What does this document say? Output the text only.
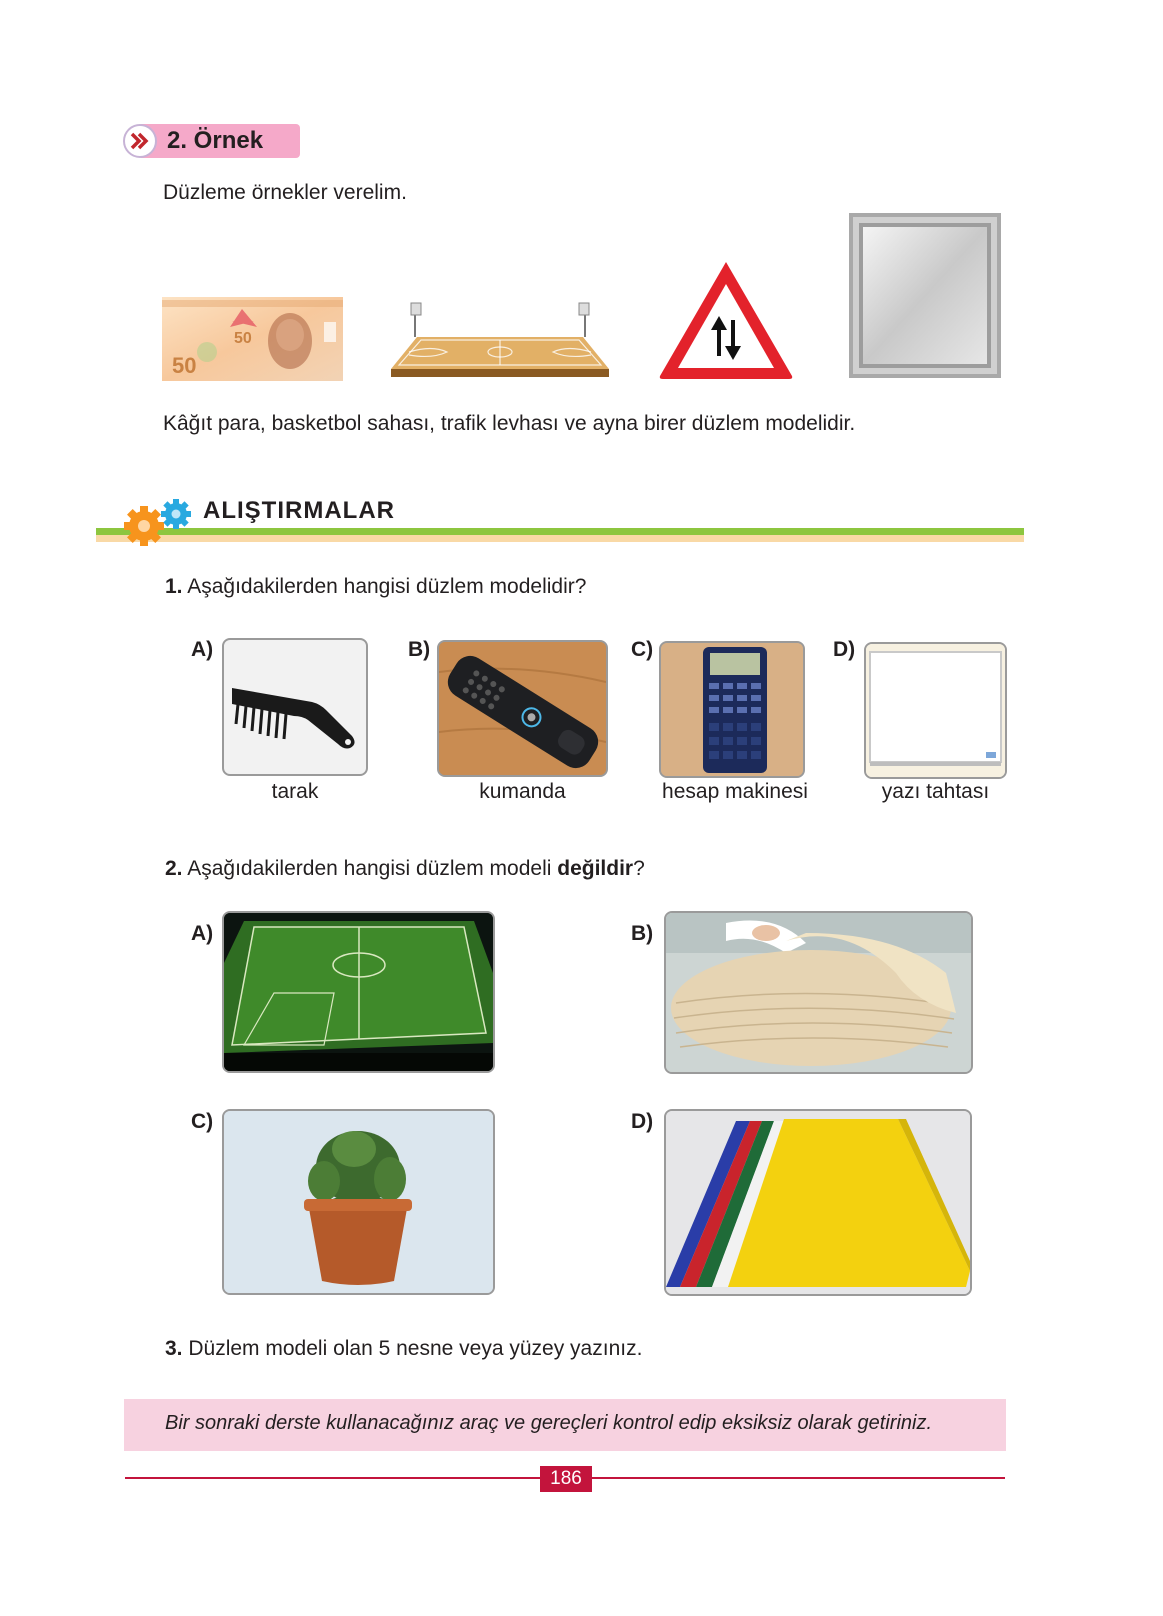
2. Örnek
Düzleme örnekler verelim.
50
50
Kâğıt para, basketbol sahası, trafik levhası ve ayna birer düzlem modelidir.
ALIŞTIRMALAR
1. Aşağıdakilerden hangisi düzlem modelidir?
A)
tarak
B)
kumanda
C)
hesap makinesi
D)
yazı tahtası
2. Aşağıdakilerden hangisi düzlem modeli değildir?
A)	B)
C)	D)
3. Düzlem modeli olan 5 nesne veya yüzey yazınız.
Bir sonraki derste kullanacağınız araç ve gereçleri kontrol edip eksiksiz olarak getiriniz.
186
